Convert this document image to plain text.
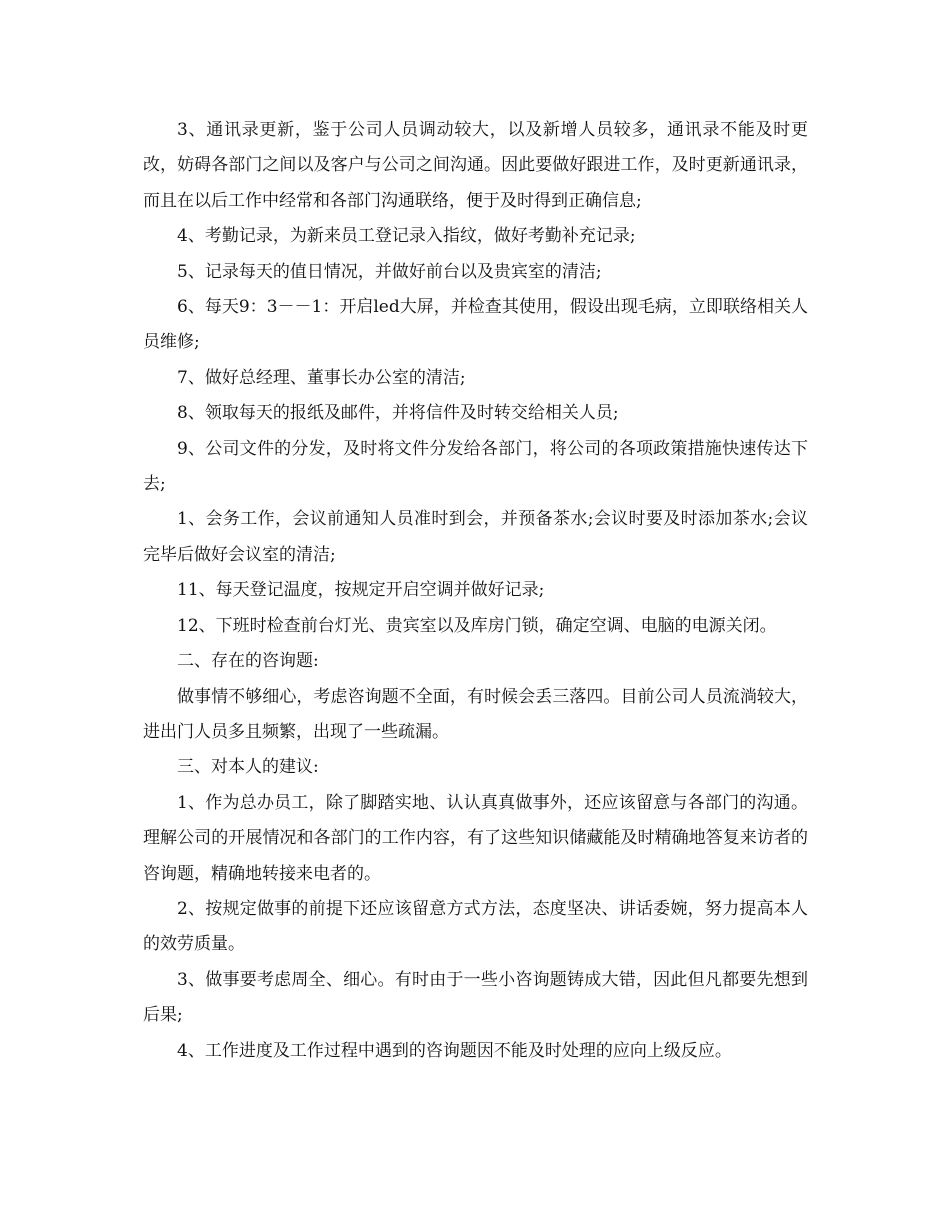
3、通讯录更新，鉴于公司人员调动较大，以及新增人员较多，通讯录不能及时更改，妨碍各部门之间以及客户与公司之间沟通。因此要做好跟进工作，及时更新通讯录，而且在以后工作中经常和各部门沟通联络，便于及时得到正确信息;

4、考勤记录，为新来员工登记录入指纹，做好考勤补充记录;

5、记录每天的值日情况，并做好前台以及贵宾室的清洁;

6、每天9：3－－1：开启led大屏，并检查其使用，假设出现毛病，立即联络相关人员维修;

7、做好总经理、董事长办公室的清洁;

8、领取每天的报纸及邮件，并将信件及时转交给相关人员;

9、公司文件的分发，及时将文件分发给各部门，将公司的各项政策措施快速传达下去;

1、会务工作，会议前通知人员准时到会，并预备茶水;会议时要及时添加茶水;会议完毕后做好会议室的清洁;

11、每天登记温度，按规定开启空调并做好记录;

12、下班时检查前台灯光、贵宾室以及库房门锁，确定空调、电脑的电源关闭。

二、存在的咨询题:

做事情不够细心，考虑咨询题不全面，有时候会丢三落四。目前公司人员流淌较大，进出门人员多且频繁，出现了一些疏漏。

三、对本人的建议:

1、作为总办员工，除了脚踏实地、认认真真做事外，还应该留意与各部门的沟通。理解公司的开展情况和各部门的工作内容，有了这些知识储藏能及时精确地答复来访者的咨询题，精确地转接来电者的。

2、按规定做事的前提下还应该留意方式方法，态度坚决、讲话委婉，努力提高本人的效劳质量。

3、做事要考虑周全、细心。有时由于一些小咨询题铸成大错，因此但凡都要先想到后果;

4、工作进度及工作过程中遇到的咨询题因不能及时处理的应向上级反应。
